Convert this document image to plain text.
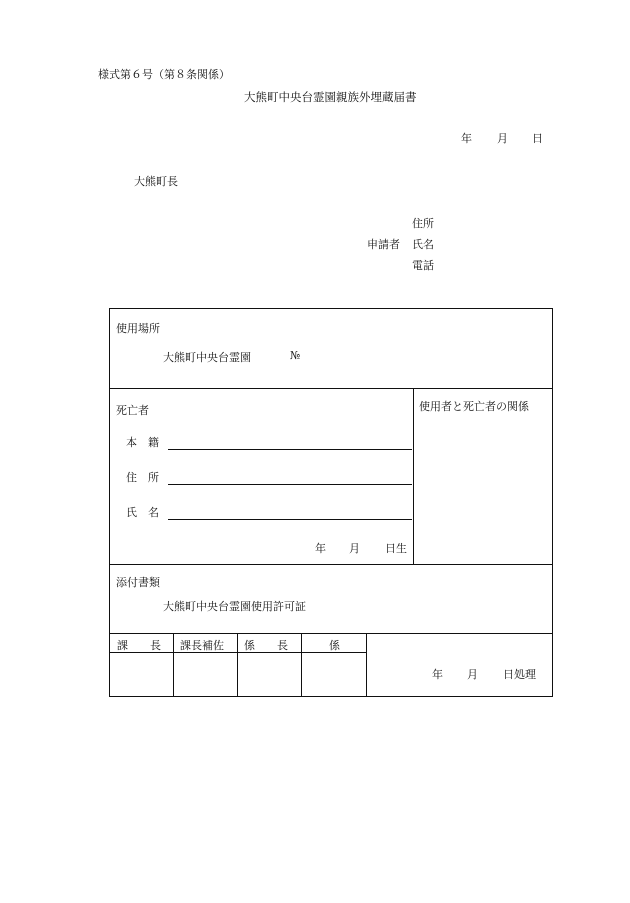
様式第６号（第８条関係）
大熊町中央台霊園親族外埋蔵届書
年 月 日
大熊町長
住所
申請者 氏名
電話
使用場所
大熊町中央台霊園	№
死亡者
本　籍
住　所
氏　名
年 月 日生
使用者と死亡者の関係
添付書類
大熊町中央台霊園使用許可証
課　　長 課長補佐 係　　長	係
年 月 日処理
